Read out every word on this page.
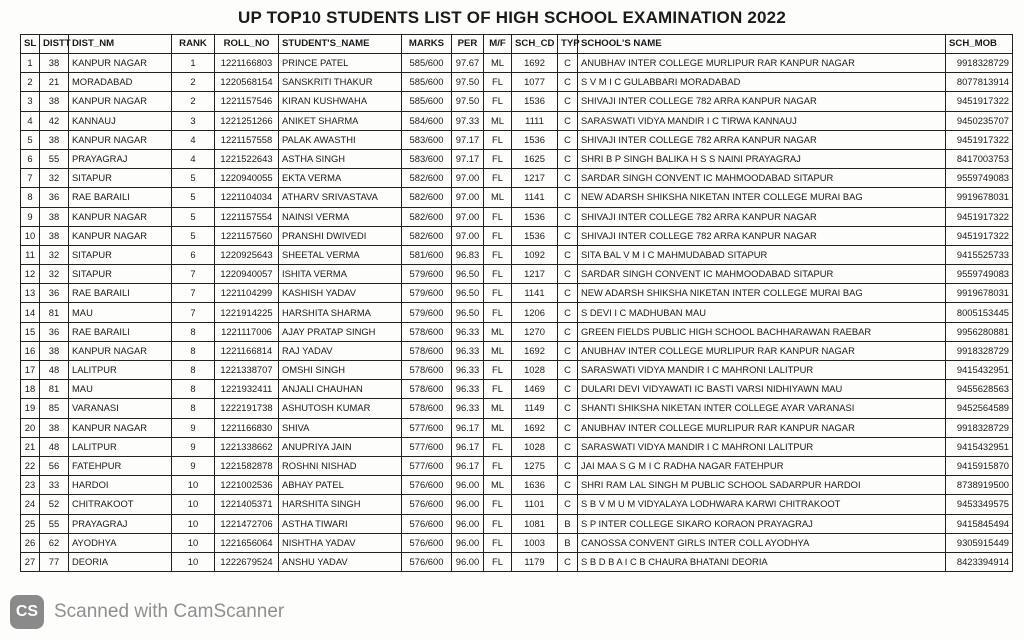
UP TOP10 STUDENTS LIST OF HIGH SCHOOL EXAMINATION 2022
SL	DISTT	DIST_NM	RANK	ROLL_NO	STUDENT'S_NAME	MARKS	PER	M/F	SCH_CD	TYP	SCHOOL'S NAME	SCH_MOB
1	38	KANPUR NAGAR	1	1221166803	PRINCE PATEL	585/600	97.67	ML	1692	C	ANUBHAV INTER COLLEGE MURLIPUR RAR KANPUR NAGAR	9918328729
2	21	MORADABAD	2	1220568154	SANSKRITI THAKUR	585/600	97.50	FL	1077	C	S V M I C GULABBARI MORADABAD	8077813914
3	38	KANPUR NAGAR	2	1221157546	KIRAN KUSHWAHA	585/600	97.50	FL	1536	C	SHIVAJI INTER COLLEGE 782 ARRA KANPUR NAGAR	9451917322
4	42	KANNAUJ	3	1221251266	ANIKET SHARMA	584/600	97.33	ML	1111	C	SARASWATI VIDYA MANDIR I C TIRWA KANNAUJ	9450235707
5	38	KANPUR NAGAR	4	1221157558	PALAK AWASTHI	583/600	97.17	FL	1536	C	SHIVAJI INTER COLLEGE 782 ARRA KANPUR NAGAR	9451917322
6	55	PRAYAGRAJ	4	1221522643	ASTHA SINGH	583/600	97.17	FL	1625	C	SHRI B P SINGH BALIKA H S S NAINI PRAYAGRAJ	8417003753
7	32	SITAPUR	5	1220940055	EKTA VERMA	582/600	97.00	FL	1217	C	SARDAR SINGH CONVENT IC MAHMOODABAD SITAPUR	9559749083
8	36	RAE BARAILI	5	1221104034	ATHARV SRIVASTAVA	582/600	97.00	ML	1141	C	NEW ADARSH SHIKSHA NIKETAN INTER COLLEGE MURAI BAG	9919678031
9	38	KANPUR NAGAR	5	1221157554	NAINSI VERMA	582/600	97.00	FL	1536	C	SHIVAJI INTER COLLEGE 782 ARRA KANPUR NAGAR	9451917322
10	38	KANPUR NAGAR	5	1221157560	PRANSHI DWIVEDI	582/600	97.00	FL	1536	C	SHIVAJI INTER COLLEGE 782 ARRA KANPUR NAGAR	9451917322
11	32	SITAPUR	6	1220925643	SHEETAL VERMA	581/600	96.83	FL	1092	C	SITA BAL V M I C MAHMUDABAD SITAPUR	9415525733
12	32	SITAPUR	7	1220940057	ISHITA VERMA	579/600	96.50	FL	1217	C	SARDAR SINGH CONVENT IC MAHMOODABAD SITAPUR	9559749083
13	36	RAE BARAILI	7	1221104299	KASHISH YADAV	579/600	96.50	FL	1141	C	NEW ADARSH SHIKSHA NIKETAN INTER COLLEGE MURAI BAG	9919678031
14	81	MAU	7	1221914225	HARSHITA SHARMA	579/600	96.50	FL	1206	C	S DEVI I C MADHUBAN MAU	8005153445
15	36	RAE BARAILI	8	1221117006	AJAY PRATAP SINGH	578/600	96.33	ML	1270	C	GREEN FIELDS PUBLIC HIGH SCHOOL BACHHARAWAN RAEBAR	9956280881
16	38	KANPUR NAGAR	8	1221166814	RAJ YADAV	578/600	96.33	ML	1692	C	ANUBHAV INTER COLLEGE MURLIPUR RAR KANPUR NAGAR	9918328729
17	48	LALITPUR	8	1221338707	OMSHI SINGH	578/600	96.33	FL	1028	C	SARASWATI VIDYA MANDIR I C MAHRONI LALITPUR	9415432951
18	81	MAU	8	1221932411	ANJALI CHAUHAN	578/600	96.33	FL	1469	C	DULARI DEVI VIDYAWATI IC BASTI VARSI NIDHIYAWN MAU	9455628563
19	85	VARANASI	8	1222191738	ASHUTOSH KUMAR	578/600	96.33	ML	1149	C	SHANTI SHIKSHA NIKETAN INTER COLLEGE AYAR VARANASI	9452564589
20	38	KANPUR NAGAR	9	1221166830	SHIVA	577/600	96.17	ML	1692	C	ANUBHAV INTER COLLEGE MURLIPUR RAR KANPUR NAGAR	9918328729
21	48	LALITPUR	9	1221338662	ANUPRIYA JAIN	577/600	96.17	FL	1028	C	SARASWATI VIDYA MANDIR I C MAHRONI LALITPUR	9415432951
22	56	FATEHPUR	9	1221582878	ROSHNI NISHAD	577/600	96.17	FL	1275	C	JAI MAA S G M I C RADHA NAGAR FATEHPUR	9415915870
23	33	HARDOI	10	1221002536	ABHAY PATEL	576/600	96.00	ML	1636	C	SHRI RAM LAL SINGH M PUBLIC SCHOOL SADARPUR HARDOI	8738919500
24	52	CHITRAKOOT	10	1221405371	HARSHITA SINGH	576/600	96.00	FL	1101	C	S B V M U M VIDYALAYA LODHWARA KARWI CHITRAKOOT	9453349575
25	55	PRAYAGRAJ	10	1221472706	ASTHA TIWARI	576/600	96.00	FL	1081	B	S P INTER COLLEGE SIKARO KORAON PRAYAGRAJ	9415845494
26	62	AYODHYA	10	1221656064	NISHTHA YADAV	576/600	96.00	FL	1003	B	CANOSSA CONVENT GIRLS INTER COLL AYODHYA	9305915449
27	77	DEORIA	10	1222679524	ANSHU YADAV	576/600	96.00	FL	1179	C	S B D B A I C B CHAURA BHATANI DEORIA	8423394914
CS Scanned with CamScanner
